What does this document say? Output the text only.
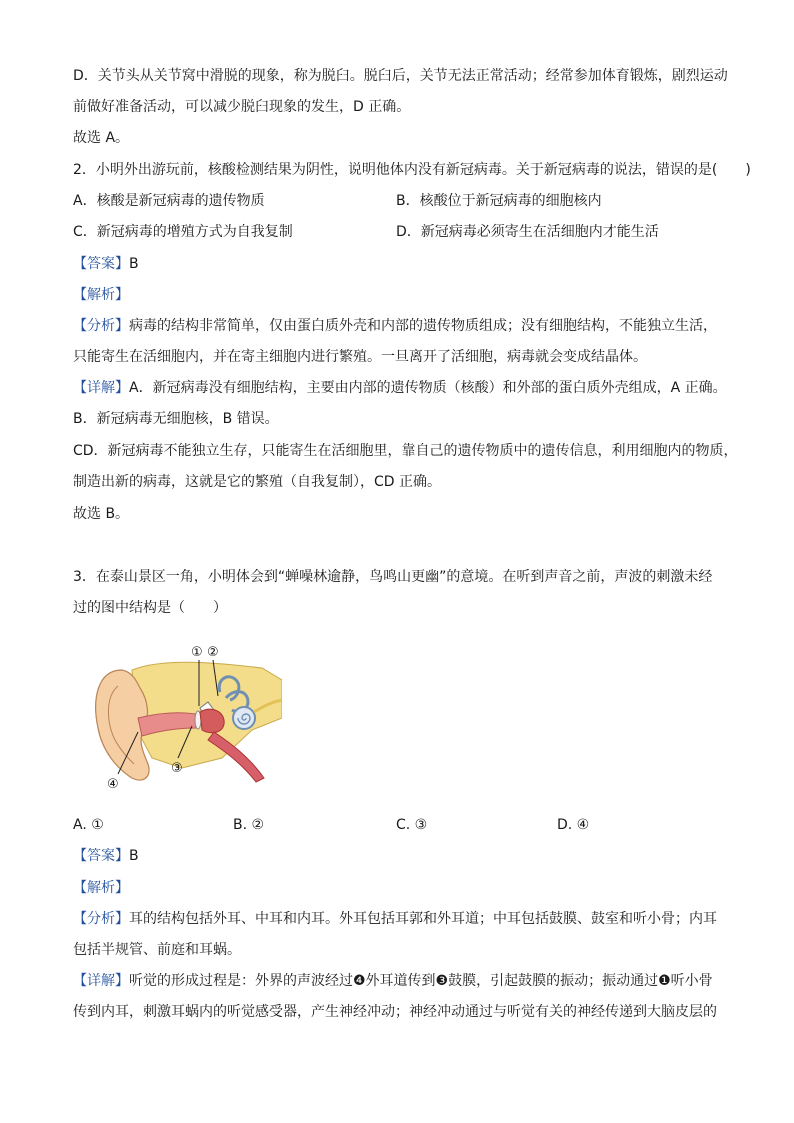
D．关节头从关节窝中滑脱的现象，称为脱臼。脱臼后，关节无法正常活动；经常参加体育锻炼，剧烈运动
前做好准备活动，可以减少脱臼现象的发生，D 正确。
故选 A。
2．小明外出游玩前，核酸检测结果为阴性，说明他体内没有新冠病毒。关于新冠病毒的说法，错误的是(　　)
A．核酸是新冠病毒的遗传物质	B．核酸位于新冠病毒的细胞核内
C．新冠病毒的增殖方式为自我复制	D．新冠病毒必须寄生在活细胞内才能生活
【答案】B
【解析】
【分析】病毒的结构非常简单，仅由蛋白质外壳和内部的遗传物质组成；没有细胞结构，不能独立生活，
只能寄生在活细胞内，并在寄主细胞内进行繁殖。一旦离开了活细胞，病毒就会变成结晶体。
【详解】A．新冠病毒没有细胞结构，主要由内部的遗传物质（核酸）和外部的蛋白质外壳组成，A 正确。
B．新冠病毒无细胞核，B 错误。
CD．新冠病毒不能独立生存，只能寄生在活细胞里，靠自己的遗传物质中的遗传信息，利用细胞内的物质，
制造出新的病毒，这就是它的繁殖（自我复制），CD 正确。
故选 B。
3．在泰山景区一角，小明体会到“蝉噪林逾静，鸟鸣山更幽”的意境。在听到声音之前，声波的刺激未经
过的图中结构是（　　）
① ②
③
④
A. ①	B. ②	C. ③	D. ④
【答案】B
【解析】
【分析】耳的结构包括外耳、中耳和内耳。外耳包括耳郭和外耳道；中耳包括鼓膜、鼓室和听小骨；内耳
包括半规管、前庭和耳蜗。
【详解】听觉的形成过程是：外界的声波经过❹外耳道传到❸鼓膜，引起鼓膜的振动；振动通过❶听小骨
传到内耳，刺激耳蜗内的听觉感受器，产生神经冲动；神经冲动通过与听觉有关的神经传递到大脑皮层的
